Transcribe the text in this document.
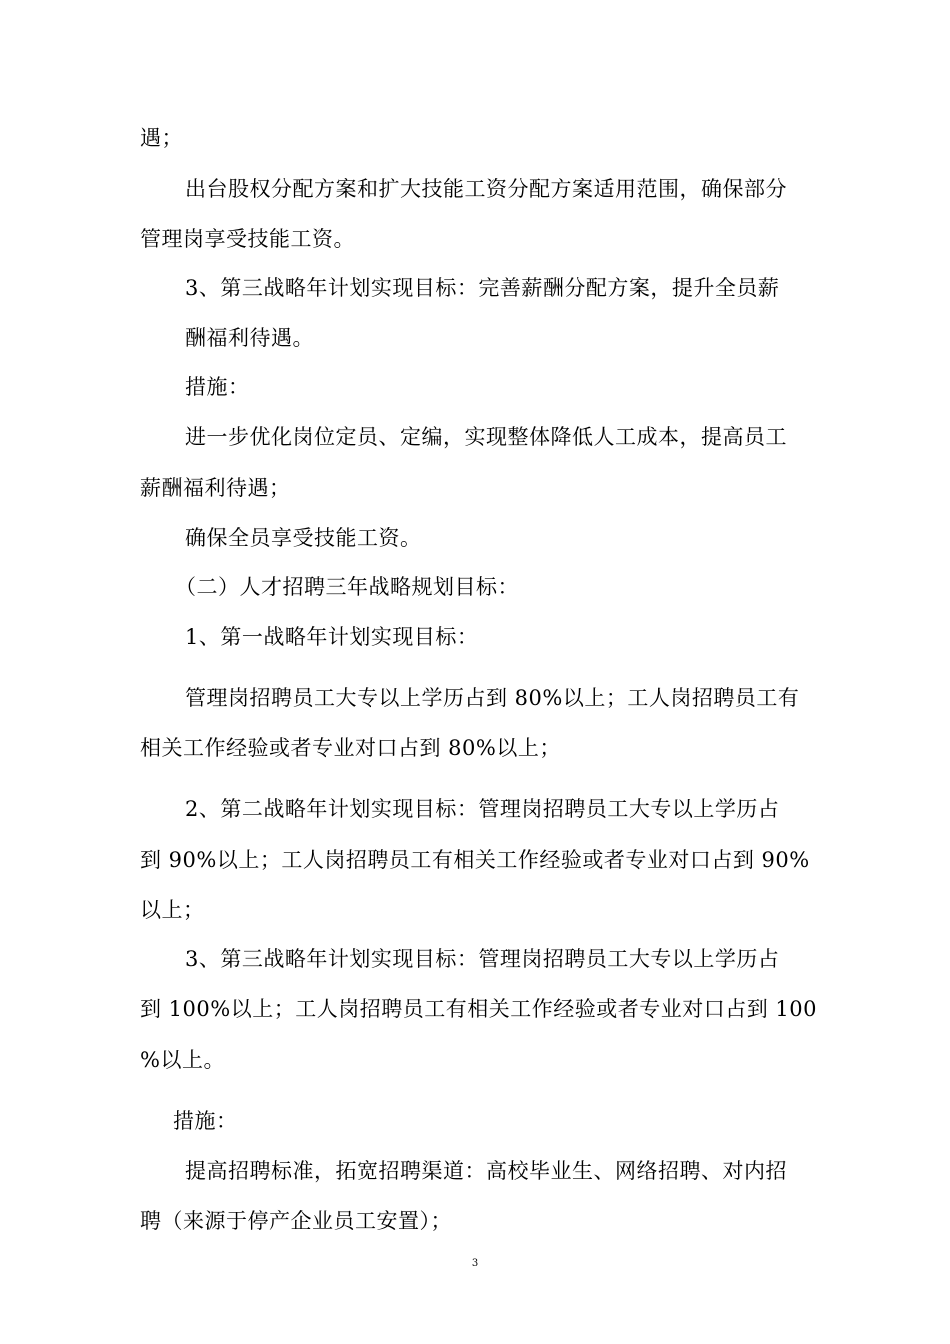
遇；
出台股权分配方案和扩大技能工资分配方案适用范围，确保部分
管理岗享受技能工资。
3、第三战略年计划实现目标：完善薪酬分配方案，提升全员薪
酬福利待遇。
措施：
进一步优化岗位定员、定编，实现整体降低人工成本，提高员工
薪酬福利待遇；
确保全员享受技能工资。
（二）人才招聘三年战略规划目标：
1、第一战略年计划实现目标：
管理岗招聘员工大专以上学历占到 80%以上；工人岗招聘员工有
相关工作经验或者专业对口占到 80%以上；
2、第二战略年计划实现目标：管理岗招聘员工大专以上学历占
到 90%以上；工人岗招聘员工有相关工作经验或者专业对口占到 90%
以上；
3、第三战略年计划实现目标：管理岗招聘员工大专以上学历占
到 100%以上；工人岗招聘员工有相关工作经验或者专业对口占到 100
%以上。
措施：
提高招聘标准，拓宽招聘渠道：高校毕业生、网络招聘、对内招
聘（来源于停产企业员工安置）；
3
